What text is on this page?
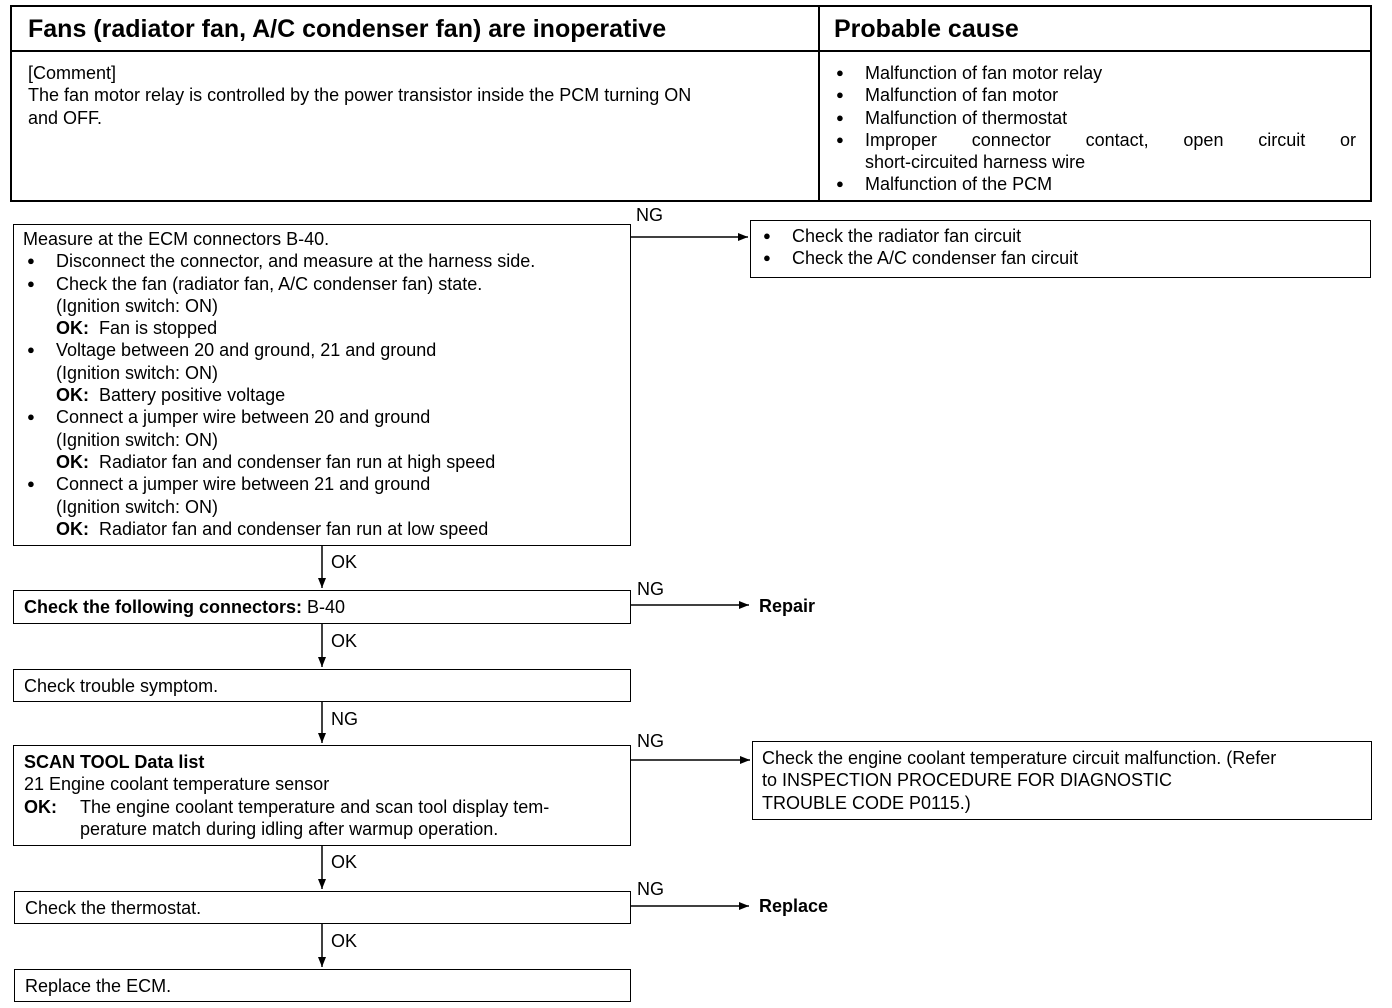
Fans (radiator fan, A/C condenser fan) are inoperative	Probable cause
[Comment]
The fan motor relay is controlled by the power transistor inside the PCM turning ON
and OFF.
● Malfunction of fan motor relay
● Malfunction of fan motor
● Malfunction of thermostat
● Improper connector contact, open circuit or
short-circuited harness wire
● Malfunction of the PCM
Measure at the ECM connectors B-40.
● Disconnect the connector, and measure at the harness side.
● Check the fan (radiator fan, A/C condenser fan) state.
(Ignition switch: ON)
OK: Fan is stopped
● Voltage between 20 and ground, 21 and ground
(Ignition switch: ON)
OK: Battery positive voltage
● Connect a jumper wire between 20 and ground
(Ignition switch: ON)
OK: Radiator fan and condenser fan run at high speed
● Connect a jumper wire between 21 and ground
(Ignition switch: ON)
OK: Radiator fan and condenser fan run at low speed
● Check the radiator fan circuit
● Check the A/C condenser fan circuit
Check the following connectors: B-40	Repair
Check trouble symptom.
SCAN TOOL Data list
21 Engine coolant temperature sensor
OK: The engine coolant temperature and scan tool display tem-
perature match during idling after warmup operation.
Check the engine coolant temperature circuit malfunction. (Refer
to INSPECTION PROCEDURE FOR DIAGNOSTIC
TROUBLE CODE P0115.)
Check the thermostat.	Replace
Replace the ECM.
NG
OK
NG
OK
NG
NG
OK
NG
OK
